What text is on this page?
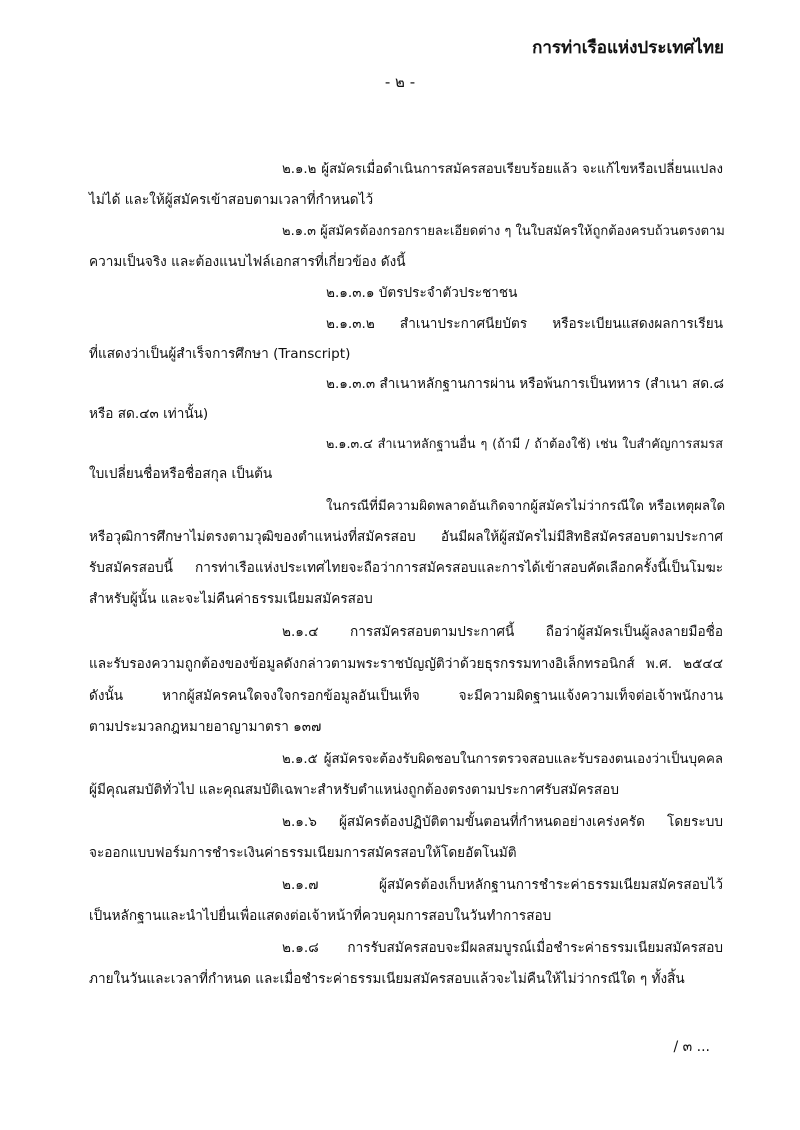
การท่าเรือแห่งประเทศไทย
- ๒ -
๒.๑.๒ ผู้สมัครเมื่อดำเนินการสมัครสอบเรียบร้อยแล้ว จะแก้ไขหรือเปลี่ยนแปลง
ไม่ได้ และให้ผู้สมัครเข้าสอบตามเวลาที่กำหนดไว้
๒.๑.๓ ผู้สมัครต้องกรอกรายละเอียดต่าง ๆ ในใบสมัครให้ถูกต้องครบถ้วนตรงตาม
ความเป็นจริง และต้องแนบไฟล์เอกสารที่เกี่ยวข้อง ดังนี้
๒.๑.๓.๑ บัตรประจำตัวประชาชน
๒.๑.๓.๒ สำเนาประกาศนียบัตร หรือระเบียนแสดงผลการเรียน
ที่แสดงว่าเป็นผู้สำเร็จการศึกษา (Transcript)
๒.๑.๓.๓ สำเนาหลักฐานการผ่าน หรือพ้นการเป็นทหาร (สำเนา สด.๘
หรือ สด.๔๓ เท่านั้น)
๒.๑.๓.๔ สำเนาหลักฐานอื่น ๆ (ถ้ามี / ถ้าต้องใช้) เช่น ใบสำคัญการสมรส
ใบเปลี่ยนชื่อหรือชื่อสกุล เป็นต้น
ในกรณีที่มีความผิดพลาดอันเกิดจากผู้สมัครไม่ว่ากรณีใด หรือเหตุผลใด
หรือวุฒิการศึกษาไม่ตรงตามวุฒิของตำแหน่งที่สมัครสอบ อันมีผลให้ผู้สมัครไม่มีสิทธิสมัครสอบตามประกาศ
รับสมัครสอบนี้ การท่าเรือแห่งประเทศไทยจะถือว่าการสมัครสอบและการได้เข้าสอบคัดเลือกครั้งนี้เป็นโมฆะ
สำหรับผู้นั้น และจะไม่คืนค่าธรรมเนียมสมัครสอบ
๒.๑.๔ การสมัครสอบตามประกาศนี้ ถือว่าผู้สมัครเป็นผู้ลงลายมือชื่อ
และรับรองความถูกต้องของข้อมูลดังกล่าวตามพระราชบัญญัติว่าด้วยธุรกรรมทางอิเล็กทรอนิกส์ พ.ศ. ๒๕๔๔
ดังนั้น หากผู้สมัครคนใดจงใจกรอกข้อมูลอันเป็นเท็จ จะมีความผิดฐานแจ้งความเท็จต่อเจ้าพนักงาน
ตามประมวลกฎหมายอาญามาตรา ๑๓๗
๒.๑.๕ ผู้สมัครจะต้องรับผิดชอบในการตรวจสอบและรับรองตนเองว่าเป็นบุคคล
ผู้มีคุณสมบัติทั่วไป และคุณสมบัติเฉพาะสำหรับตำแหน่งถูกต้องตรงตามประกาศรับสมัครสอบ
๒.๑.๖ ผู้สมัครต้องปฏิบัติตามขั้นตอนที่กำหนดอย่างเคร่งครัด โดยระบบ
จะออกแบบฟอร์มการชำระเงินค่าธรรมเนียมการสมัครสอบให้โดยอัตโนมัติ
๒.๑.๗ ผู้สมัครต้องเก็บหลักฐานการชำระค่าธรรมเนียมสมัครสอบไว้
เป็นหลักฐานและนำไปยื่นเพื่อแสดงต่อเจ้าหน้าที่ควบคุมการสอบในวันทำการสอบ
๒.๑.๘ การรับสมัครสอบจะมีผลสมบูรณ์เมื่อชำระค่าธรรมเนียมสมัครสอบ
ภายในวันและเวลาที่กำหนด และเมื่อชำระค่าธรรมเนียมสมัครสอบแล้วจะไม่คืนให้ไม่ว่ากรณีใด ๆ ทั้งสิ้น
/ ๓ ...
